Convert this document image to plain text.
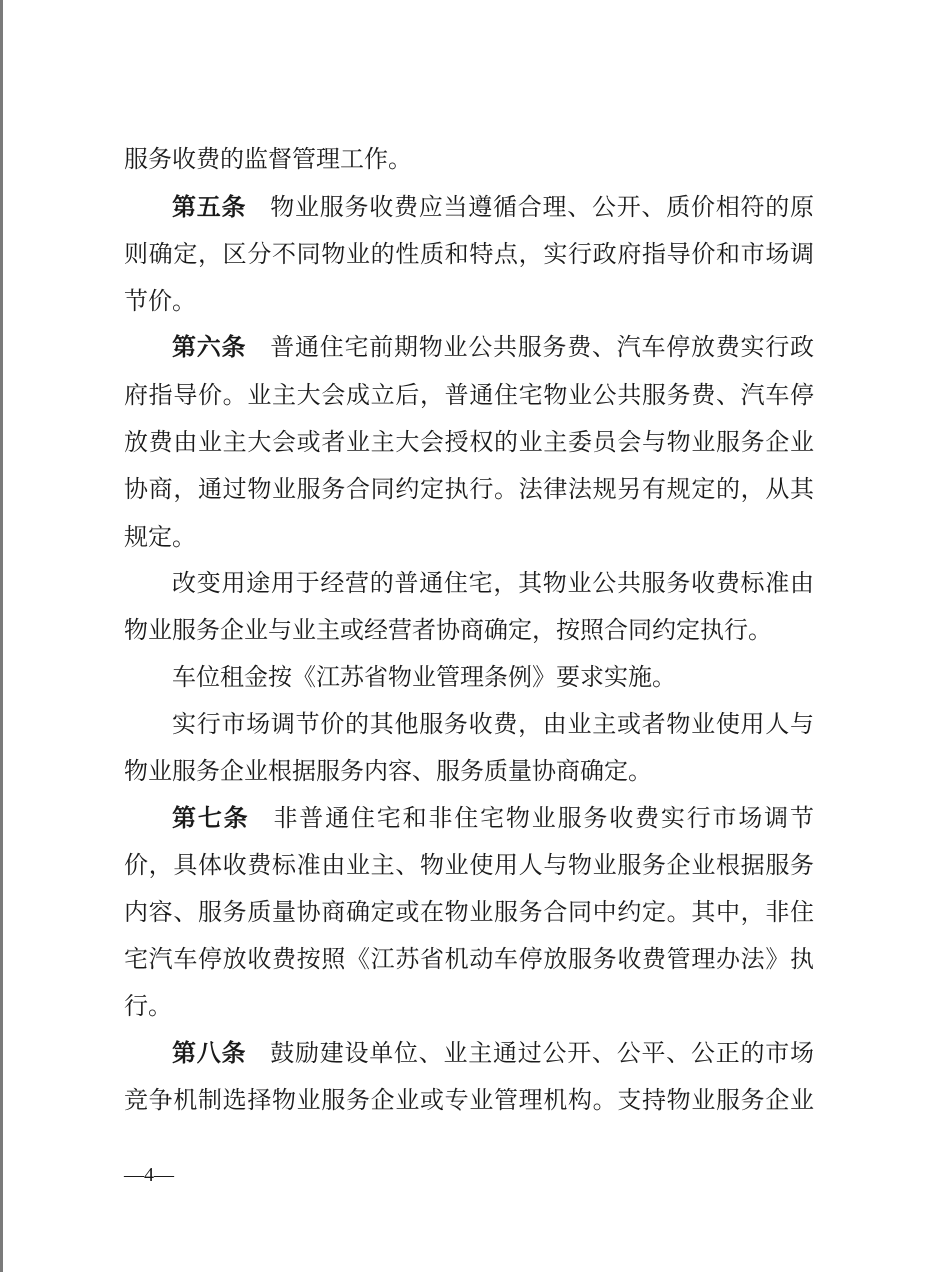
服务收费的监督管理工作。
第五条 物业服务收费应当遵循合理、公开、质价相符的原
则确定，区分不同物业的性质和特点，实行政府指导价和市场调
节价。
第六条 普通住宅前期物业公共服务费、汽车停放费实行政
府指导价。业主大会成立后，普通住宅物业公共服务费、汽车停
放费由业主大会或者业主大会授权的业主委员会与物业服务企业
协商，通过物业服务合同约定执行。法律法规另有规定的，从其
规定。
改变用途用于经营的普通住宅，其物业公共服务收费标准由
物业服务企业与业主或经营者协商确定，按照合同约定执行。
车位租金按《江苏省物业管理条例》要求实施。
实行市场调节价的其他服务收费，由业主或者物业使用人与
物业服务企业根据服务内容、服务质量协商确定。
第七条 非普通住宅和非住宅物业服务收费实行市场调节
价，具体收费标准由业主、物业使用人与物业服务企业根据服务
内容、服务质量协商确定或在物业服务合同中约定。其中，非住
宅汽车停放收费按照《江苏省机动车停放服务收费管理办法》执
行。
第八条 鼓励建设单位、业主通过公开、公平、公正的市场
竞争机制选择物业服务企业或专业管理机构。支持物业服务企业
—4—
